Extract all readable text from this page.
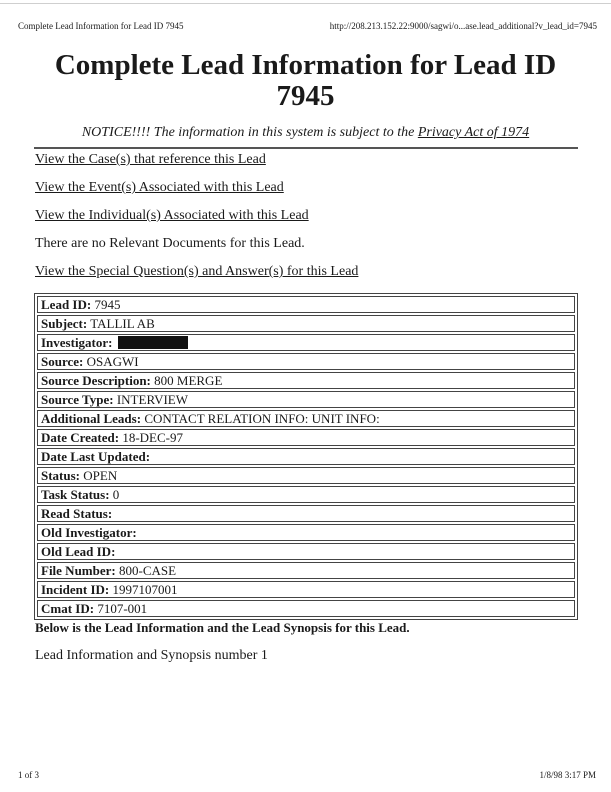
Complete Lead Information for Lead ID 7945	http://208.213.152.22:9000/sagwi/o...ase.lead_additional?v_lead_id=7945
Complete Lead Information for Lead ID 7945
NOTICE!!!! The information in this system is subject to the Privacy Act of 1974
View the Case(s) that reference this Lead
View the Event(s) Associated with this Lead
View the Individual(s) Associated with this Lead
There are no Relevant Documents for this Lead.
View the Special Question(s) and Answer(s) for this Lead
Lead ID: 7945
Subject: TALLIL AB
Investigator:
Source: OSAGWI
Source Description: 800 MERGE
Source Type: INTERVIEW
Additional Leads: CONTACT RELATION INFO: UNIT INFO:
Date Created: 18-DEC-97
Date Last Updated:
Status: OPEN
Task Status: 0
Read Status:
Old Investigator:
Old Lead ID:
File Number: 800-CASE
Incident ID: 1997107001
Cmat ID: 7107-001
Below is the Lead Information and the Lead Synopsis for this Lead.
Lead Information and Synopsis number 1
1 of 3	1/8/98 3:17 PM
